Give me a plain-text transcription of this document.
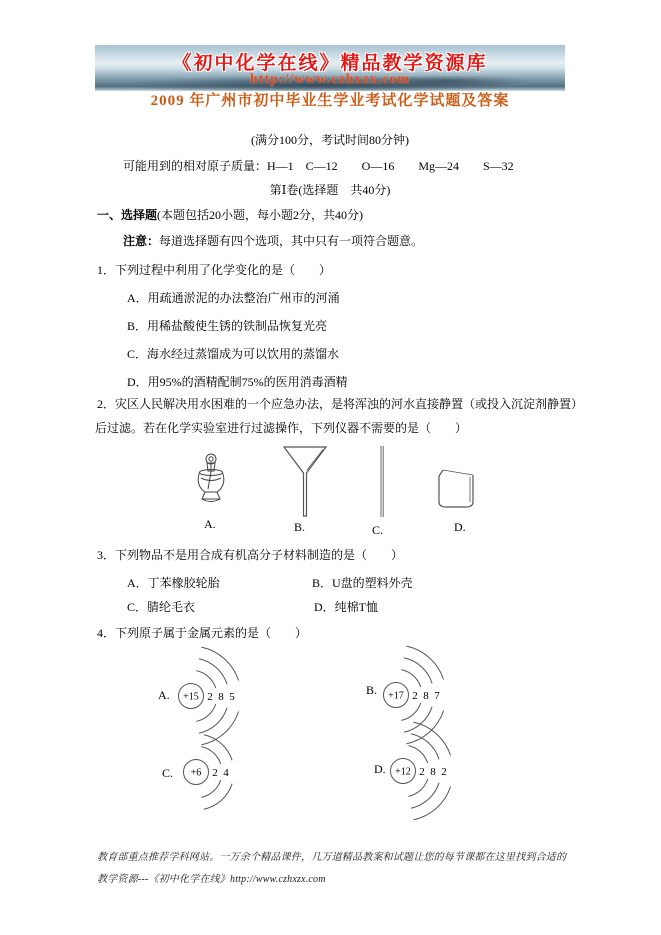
《初中化学在线》精品教学资源库
http://www.czhxzx.com
2009 年广州市初中毕业生学业考试化学试题及答案
(满分100分，考试时间80分钟)
可能用到的相对原子质量：H—1　C—12　　O—16　　Mg—24　　S—32
第Ⅰ卷(选择题　共40分)
一、选择题(本题包括20小题，每小题2分，共40分)
注意：每道选择题有四个选项，其中只有一项符合题意。
1．下列过程中利用了化学变化的是（　　）
A．用疏通淤泥的办法整治广州市的河涌
B．用稀盐酸使生锈的铁制品恢复光亮
C．海水经过蒸馏成为可以饮用的蒸馏水
D．用95%的酒精配制75%的医用消毒酒精
2．灾区人民解决用水困难的一个应急办法，是将浑浊的河水直接静置（或投入沉淀剂静置）
后过滤。若在化学实验室进行过滤操作，下列仪器不需要的是（　　）
A.	B.	C.	D.
3．下列物品不是用合成有机高分子材料制造的是（　　）
A．丁苯橡胶轮胎	B．U盘的塑料外壳
C．腈纶毛衣	D．纯棉T恤
4．下列原子属于金属元素的是（　　）
A. +15 2 8 5	B. +17 2 8 7
C. +6 2 4	D. +12 2 8 2
教育部重点推荐学科网站。一万余个精品课件，几万道精品教案和试题让您的每节课都在这里找到合适的
教学资源---《初中化学在线》http://www.czhxzx.com
